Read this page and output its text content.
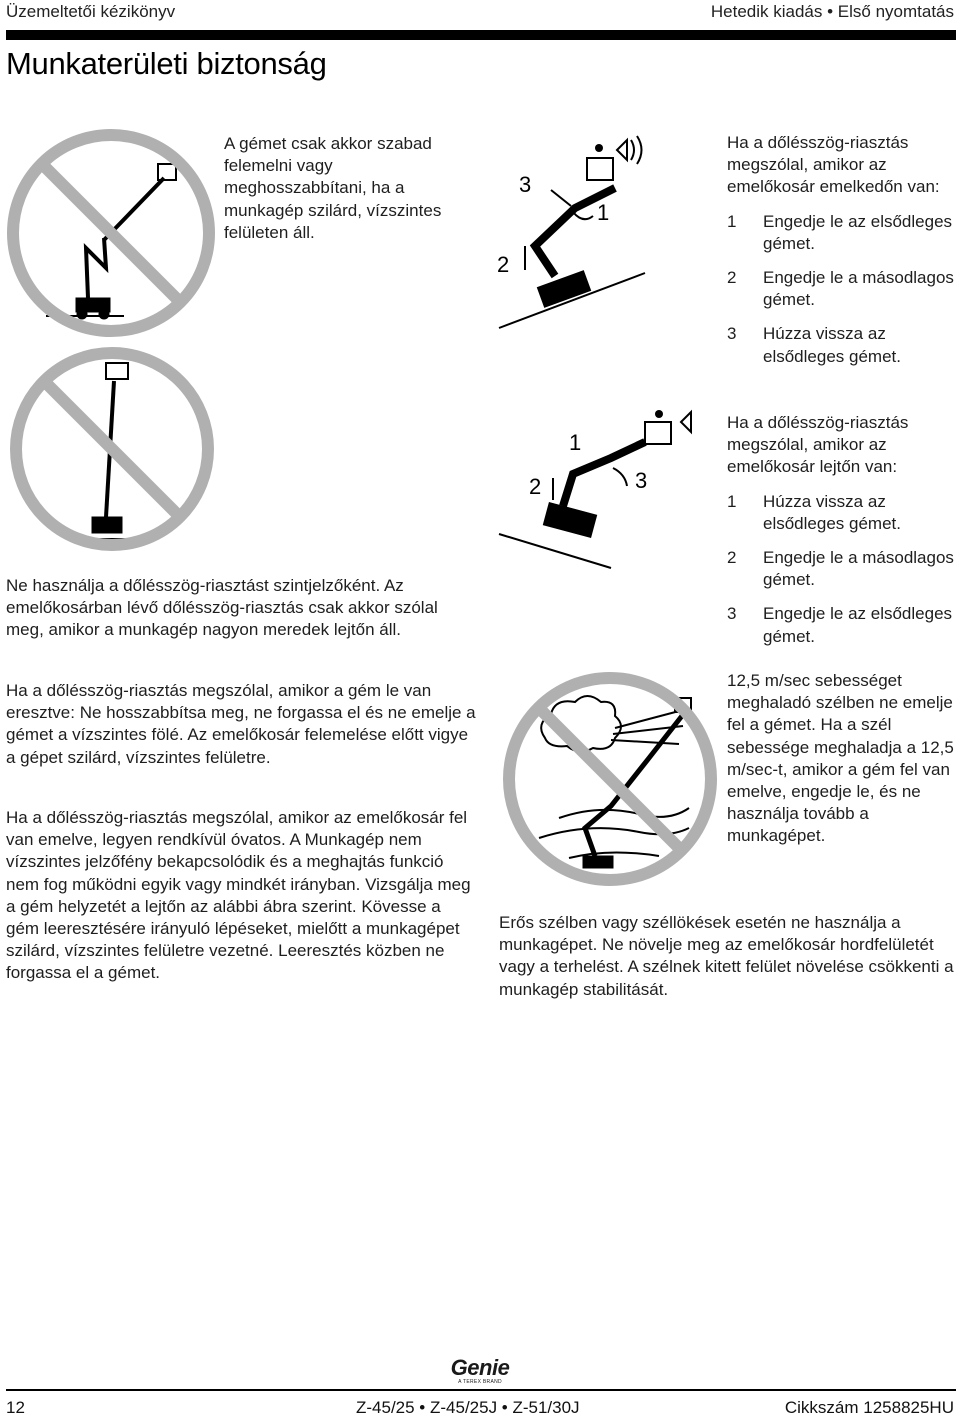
Üzemeltetői kézikönyv	Hetedik kiadás • Első nyomtatás
Munkaterületi biztonság
A gémet csak akkor szabad felemelni vagy meghosszabbítani, ha a munkagép szilárd, vízszintes felületen áll.
Ne használja a dőlésszög-riasztást szintjelzőként. Az emelőkosárban lévő dőlésszög-riasztás csak akkor szólal meg, amikor a munkagép nagyon meredek lejtőn áll.
Ha a dőlésszög-riasztás megszólal, amikor a gém le van eresztve: Ne hosszabbítsa meg, ne forgassa el és ne emelje a gémet a vízszintes fölé. Az emelőkosár felemelése előtt vigye a gépet szilárd, vízszintes felületre.
Ha a dőlésszög-riasztás megszólal, amikor az emelőkosár fel van emelve, legyen rendkívül óvatos. A Munkagép nem vízszintes jelzőfény bekapcsolódik és a meghajtás funkció nem fog működni egyik vagy mindkét irányban. Vizsgálja meg a gém helyzetét a lejtőn az alábbi ábra szerint. Kövesse a gém leeresztésére irányuló lépéseket, mielőtt a munkagépet szilárd, vízszintes felületre vezetné. Leeresztés közben ne forgassa el a gémet.
3
2
1
1
2	3
Ha a dőlésszög-riasztás megszólal, amikor az emelőkosár emelkedőn van:
1	Engedje le az elsődleges gémet.
2	Engedje le a másodlagos gémet.
3	Húzza vissza az elsődleges gémet.
Ha a dőlésszög-riasztás megszólal, amikor az emelőkosár lejtőn van:
1	Húzza vissza az elsődleges gémet.
2	Engedje le a másodlagos gémet.
3	Engedje le az elsődleges gémet.
12,5 m/sec sebességet meghaladó szélben ne emelje fel a gémet. Ha a szél sebessége meghaladja a 12,5 m/sec-t, amikor a gém fel van emelve, engedje le, és ne használja tovább a munkagépet.
Erős szélben vagy széllökések esetén ne használja a munkagépet. Ne növelje meg az emelőkosár hordfelületét vagy a terhelést. A szélnek kitett felület növelése csökkenti a munkagép stabilitását.
Genie
A TEREX BRAND
12	Z-45/25 • Z-45/25J • Z-51/30J	Cikkszám 1258825HU
